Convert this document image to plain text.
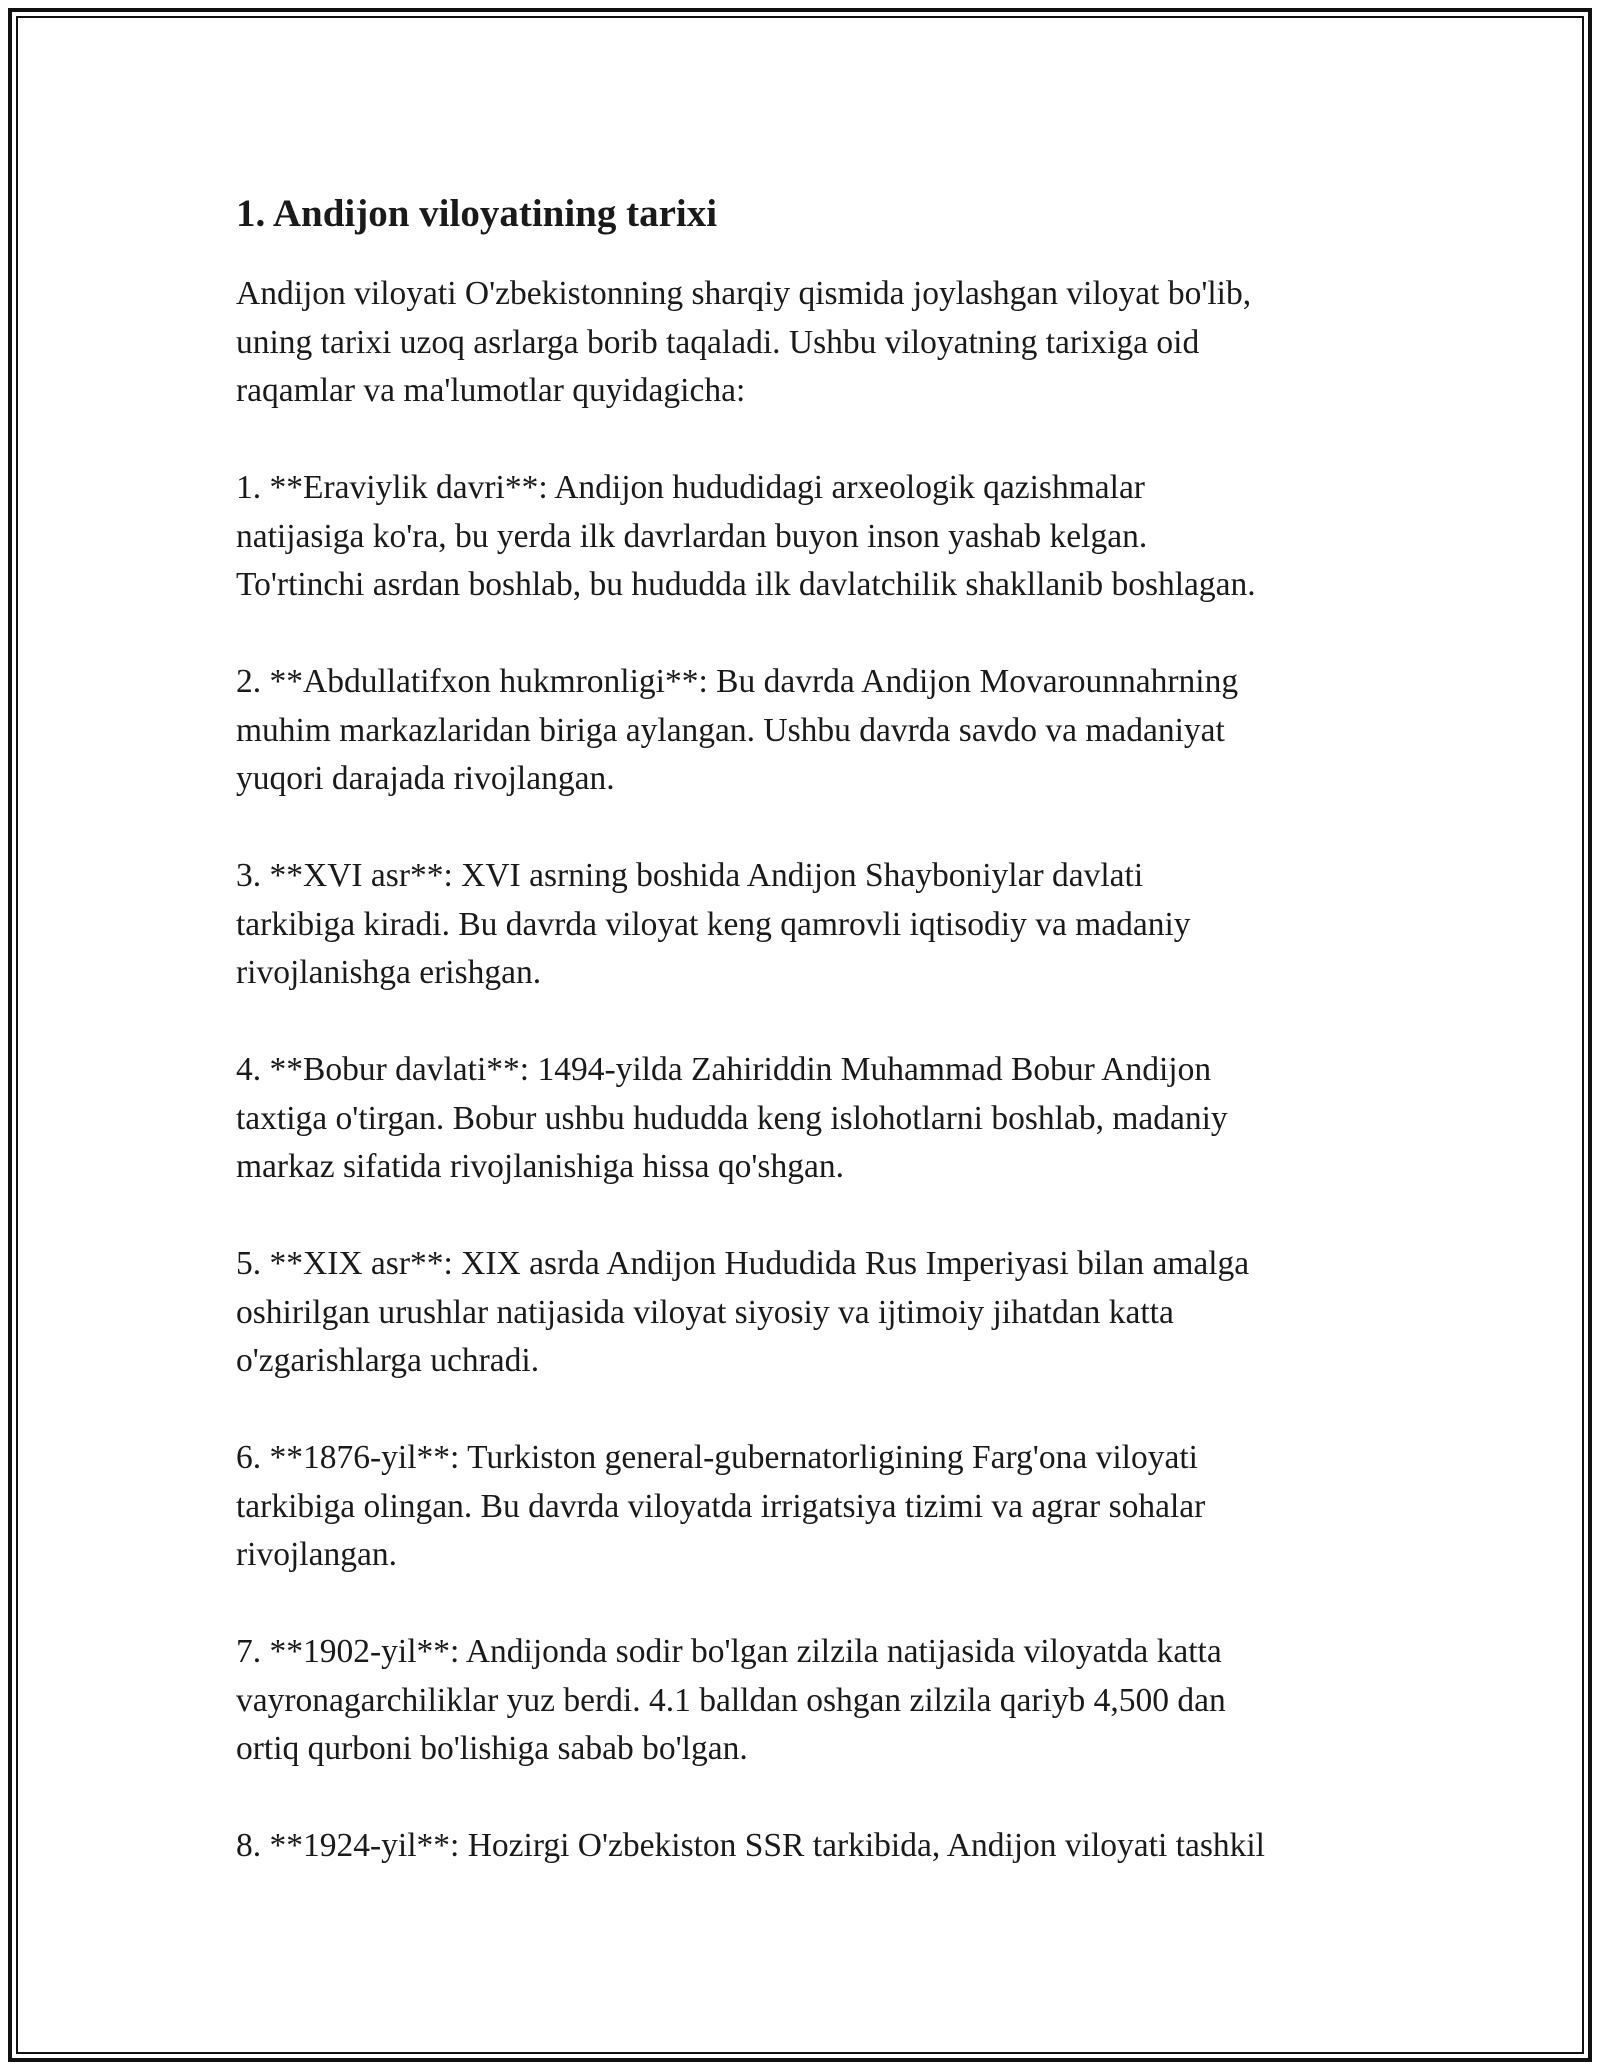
1. Andijon viloyatining tarixi

Andijon viloyati O'zbekistonning sharqiy qismida joylashgan viloyat bo'lib,
uning tarixi uzoq asrlarga borib taqaladi. Ushbu viloyatning tarixiga oid
raqamlar va ma'lumotlar quyidagicha:

1. **Eraviylik davri**: Andijon hududidagi arxeologik qazishmalar
natijasiga ko'ra, bu yerda ilk davrlardan buyon inson yashab kelgan.
To'rtinchi asrdan boshlab, bu hududda ilk davlatchilik shakllanib boshlagan.

2. **Abdullatifxon hukmronligi**: Bu davrda Andijon Movarounnahrning
muhim markazlaridan biriga aylangan. Ushbu davrda savdo va madaniyat
yuqori darajada rivojlangan.

3. **XVI asr**: XVI asrning boshida Andijon Shayboniylar davlati
tarkibiga kiradi. Bu davrda viloyat keng qamrovli iqtisodiy va madaniy
rivojlanishga erishgan.

4. **Bobur davlati**: 1494-yilda Zahiriddin Muhammad Bobur Andijon
taxtiga o'tirgan. Bobur ushbu hududda keng islohotlarni boshlab, madaniy
markaz sifatida rivojlanishiga hissa qo'shgan.

5. **XIX asr**: XIX asrda Andijon Hududida Rus Imperiyasi bilan amalga
oshirilgan urushlar natijasida viloyat siyosiy va ijtimoiy jihatdan katta
o'zgarishlarga uchradi.

6. **1876-yil**: Turkiston general-gubernatorligining Farg'ona viloyati
tarkibiga olingan. Bu davrda viloyatda irrigatsiya tizimi va agrar sohalar
rivojlangan.

7. **1902-yil**: Andijonda sodir bo'lgan zilzila natijasida viloyatda katta
vayronagarchiliklar yuz berdi. 4.1 balldan oshgan zilzila qariyb 4,500 dan
ortiq qurboni bo'lishiga sabab bo'lgan.

8. **1924-yil**: Hozirgi O'zbekiston SSR tarkibida, Andijon viloyati tashkil
